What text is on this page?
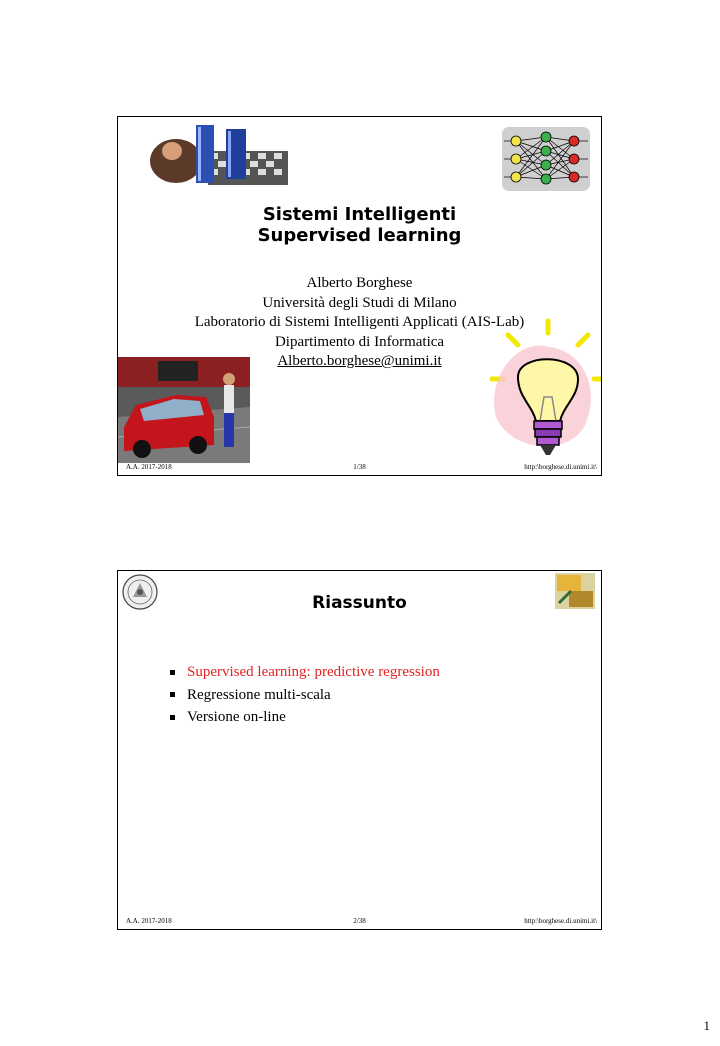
Sistemi Intelligenti
Supervised learning
Alberto Borghese
Università degli Studi di Milano
Laboratorio di Sistemi Intelligenti Applicati (AIS-Lab)
Dipartimento di Informatica
Alberto.borghese@unimi.it
A.A. 2017-2018	1/38	http:\borghese.di.unimi.it\
Riassunto
Supervised learning: predictive regression
Regressione multi-scala
Versione on-line
A.A. 2017-2018	2/38	http:\borghese.di.unimi.it\
1
